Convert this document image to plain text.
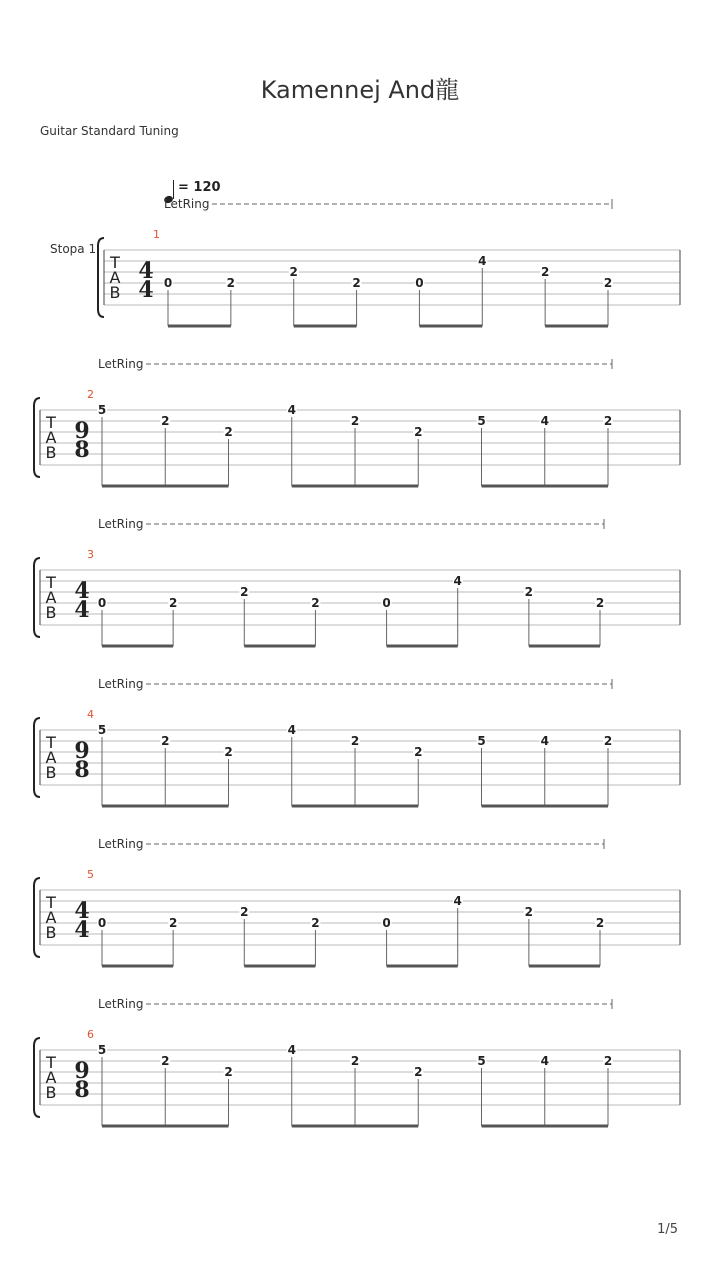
Kamennej And龍
Guitar Standard Tuning
= 120
LetRing
1
Stopa 1
T
A
B
4
4 0	2
2
2	0
4
2
2
LetRing
2
T
A
B
9
8
5
2
2
4
2
2
5	4	2
LetRing
3
T
A
B
4
4 0	2
2
2	0
4
2
2
LetRing
4
T
A
B
9
8
5
2
2
4
2
2
5	4	2
LetRing
5
T
A
B
4
4 0	2
2
2	0
4
2
2
LetRing
6
T
A
B
9
8
5
2
2
4
2
2
5	4	2
1/5
